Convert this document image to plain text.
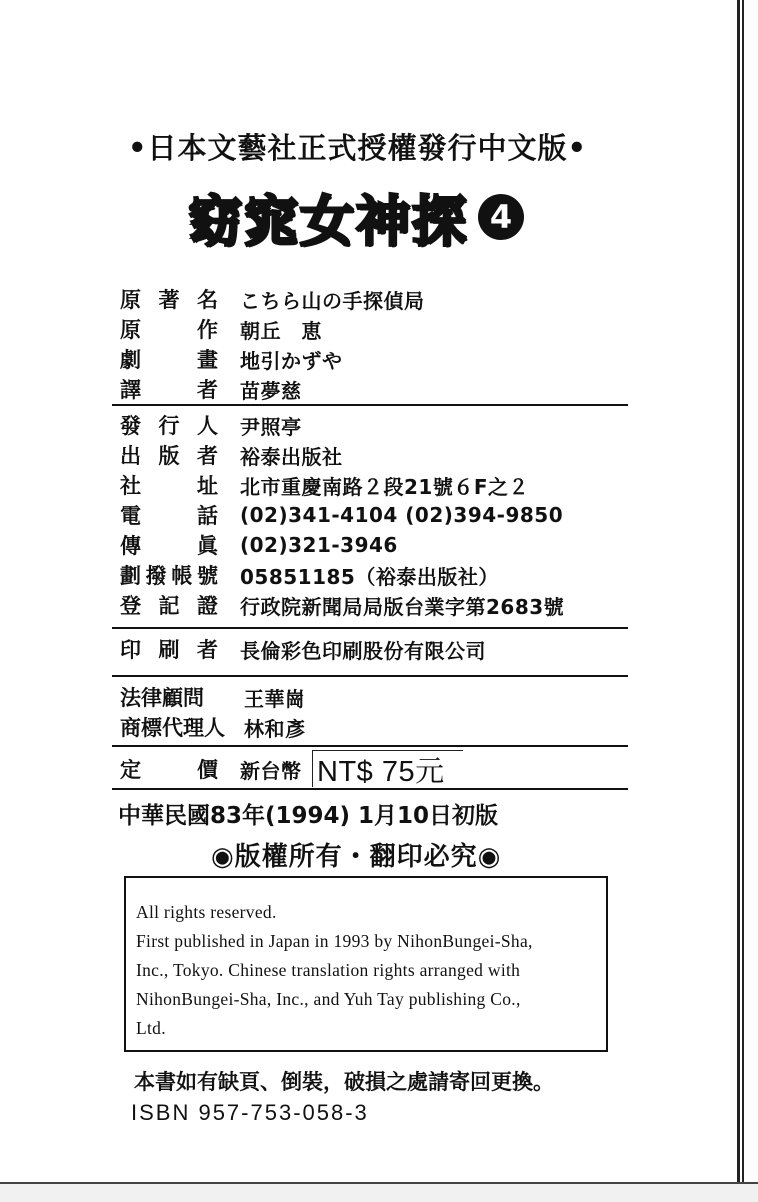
•日本文藝社正式授權發行中文版•
窈窕女神探 4
原 著 名 こちら山の手探偵局
原	作 朝丘　恵
劇	畫 地引かずや
譯	者 苗夢慈
發 行 人 尹照亭
出 版 者 裕泰出版社
社	址 北市重慶南路２段21號６F之２
電	話 (02)341-4104 (02)394-9850
傳	眞 (02)321-3946
劃 撥 帳 號 05851185（裕泰出版社）
登 記 證 行政院新聞局局版台業字第2683號
印 刷 者 長倫彩色印刷股份有限公司
法律顧問	王華崗
商標代理人 林和彥
定	價 新台幣 NT$ 75元
中華民國83年(1994) 1月10日初版
◉版權所有・翻印必究◉
All rights reserved.
First published in Japan in 1993 by NihonBungei-Sha,
Inc., Tokyo. Chinese translation rights arranged with
NihonBungei-Sha, Inc., and Yuh Tay publishing Co.,
Ltd.
本書如有缺頁、倒裝，破損之處請寄回更換。
ISBN 957-753-058-3
